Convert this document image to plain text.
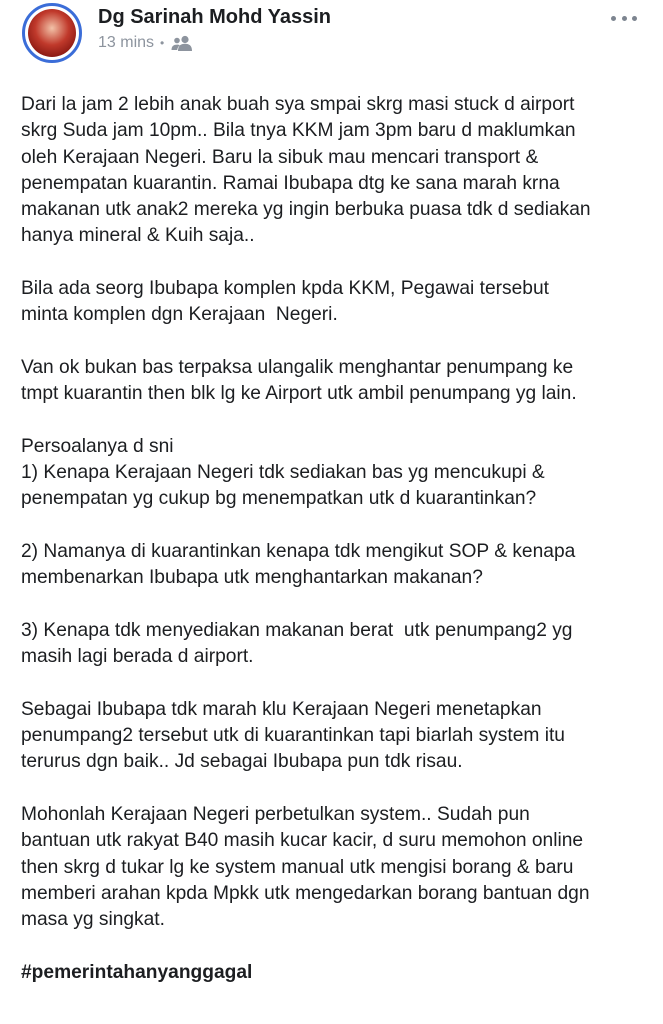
Dg Sarinah Mohd Yassin
13 mins •

Dari la jam 2 lebih anak buah sya smpai skrg masi stuck d airport
skrg Suda jam 10pm.. Bila tnya KKM jam 3pm baru d maklumkan
oleh Kerajaan Negeri. Baru la sibuk mau mencari transport &
penempatan kuarantin. Ramai Ibubapa dtg ke sana marah krna
makanan utk anak2 mereka yg ingin berbuka puasa tdk d sediakan
hanya mineral & Kuih saja..

Bila ada seorg Ibubapa komplen kpda KKM, Pegawai tersebut
minta komplen dgn Kerajaan  Negeri.

Van ok bukan bas terpaksa ulangalik menghantar penumpang ke
tmpt kuarantin then blk lg ke Airport utk ambil penumpang yg lain.

Persoalanya d sni
1) Kenapa Kerajaan Negeri tdk sediakan bas yg mencukupi &
penempatan yg cukup bg menempatkan utk d kuarantinkan?

2) Namanya di kuarantinkan kenapa tdk mengikut SOP & kenapa
membenarkan Ibubapa utk menghantarkan makanan?

3) Kenapa tdk menyediakan makanan berat  utk penumpang2 yg
masih lagi berada d airport.

Sebagai Ibubapa tdk marah klu Kerajaan Negeri menetapkan
penumpang2 tersebut utk di kuarantinkan tapi biarlah system itu
terurus dgn baik.. Jd sebagai Ibubapa pun tdk risau.

Mohonlah Kerajaan Negeri perbetulkan system.. Sudah pun
bantuan utk rakyat B40 masih kucar kacir, d suru memohon online
then skrg d tukar lg ke system manual utk mengisi borang & baru
memberi arahan kpda Mpkk utk mengedarkan borang bantuan dgn
masa yg singkat.

#pemerintahanyanggagal
